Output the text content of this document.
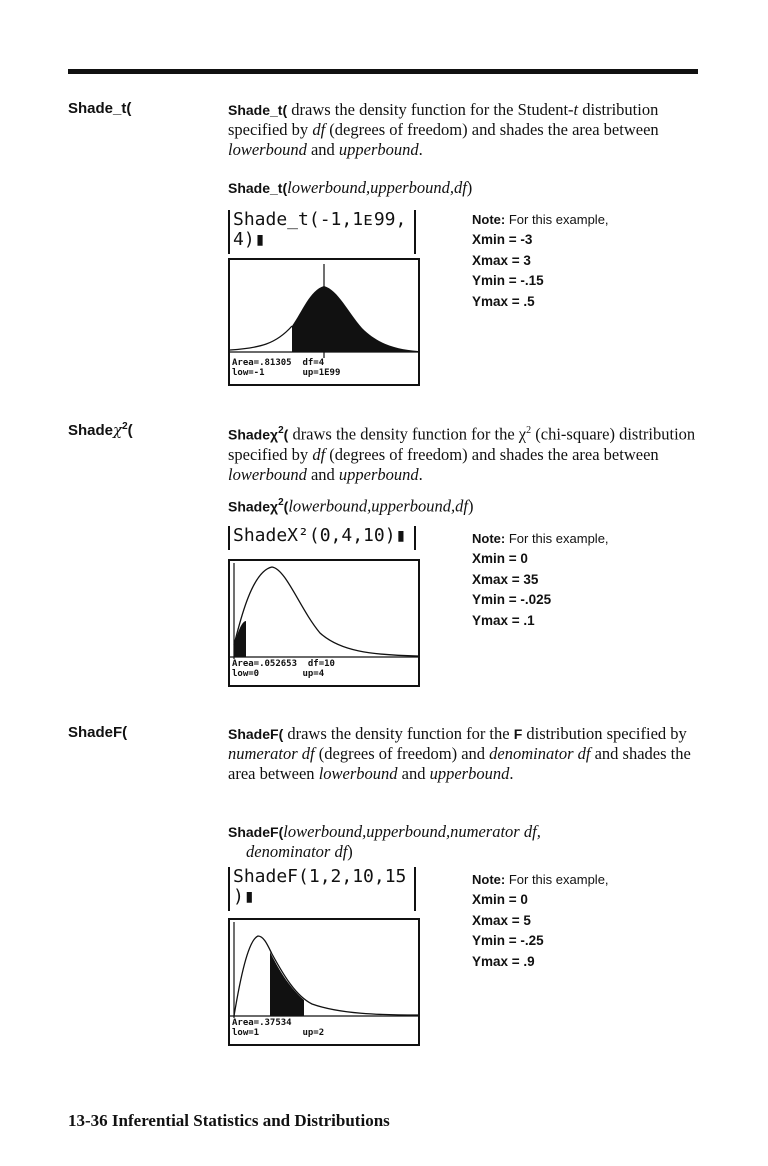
Shade_t(	Shade_t( draws the density function for the Student-t distribution specified by df (degrees of freedom) and shades the area between lowerbound and upperbound.
Shade_t(lowerbound,upperbound,df)
Shade_t(-1,1ᴇ99,
4)▮
Area=.81305  df=4
low=-1       up=1E99
Note: For this example,
Xmin = -3
Xmax = 3
Ymin = -.15
Ymax = .5
Shadeχ$^2$(	Shadeχ$^2$( draws the density function for the $\chi^2$ (chi-square) distribution specified by df (degrees of freedom) and shades the area between lowerbound and upperbound.
Shadeχ$^2$(lowerbound,upperbound,df)
ShadeΧ²(0,4,10)▮
Area=.052653  df=10
low=0        up=4
Note: For this example,
Xmin = 0
Xmax = 35
Ymin = -.025
Ymax = .1
ShadeF(	ShadeF( draws the density function for the F distribution specified by numerator df (degrees of freedom) and denominator df and shades the area between lowerbound and upperbound.
ShadeF(lowerbound,upperbound,numerator df,
denominator df)
ShadeF(1,2,10,15
)▮
Area=.37534
low=1        up=2
Note: For this example,
Xmin = 0
Xmax = 5
Ymin = -.25
Ymax = .9
13-36 Inferential Statistics and Distributions
